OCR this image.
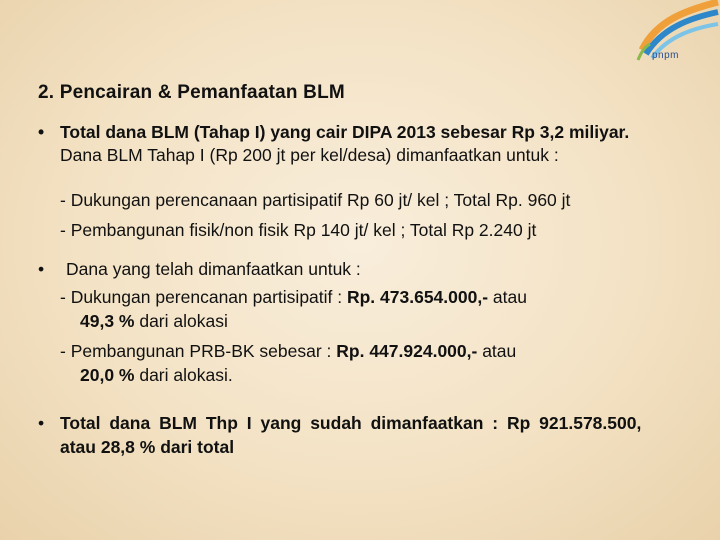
pnpm
2. Pencairan & Pemanfaatan BLM
• Total dana BLM (Tahap I) yang cair DIPA 2013 sebesar Rp 3,2 miliyar.
Dana BLM Tahap I (Rp 200 jt per kel/desa) dimanfaatkan untuk :
- Dukungan perencanaan partisipatif Rp 60 jt/ kel ; Total Rp. 960 jt
- Pembangunan fisik/non fisik Rp 140 jt/ kel ; Total Rp 2.240 jt
• Dana yang telah dimanfaatkan untuk :
- Dukungan perencanan partisipatif : Rp. 473.654.000,- atau
49,3 % dari alokasi
- Pembangunan PRB-BK sebesar : Rp. 447.924.000,- atau
20,0 % dari alokasi.
• Total dana BLM Thp I yang sudah dimanfaatkan : Rp 921.578.500,
atau 28,8 % dari total
